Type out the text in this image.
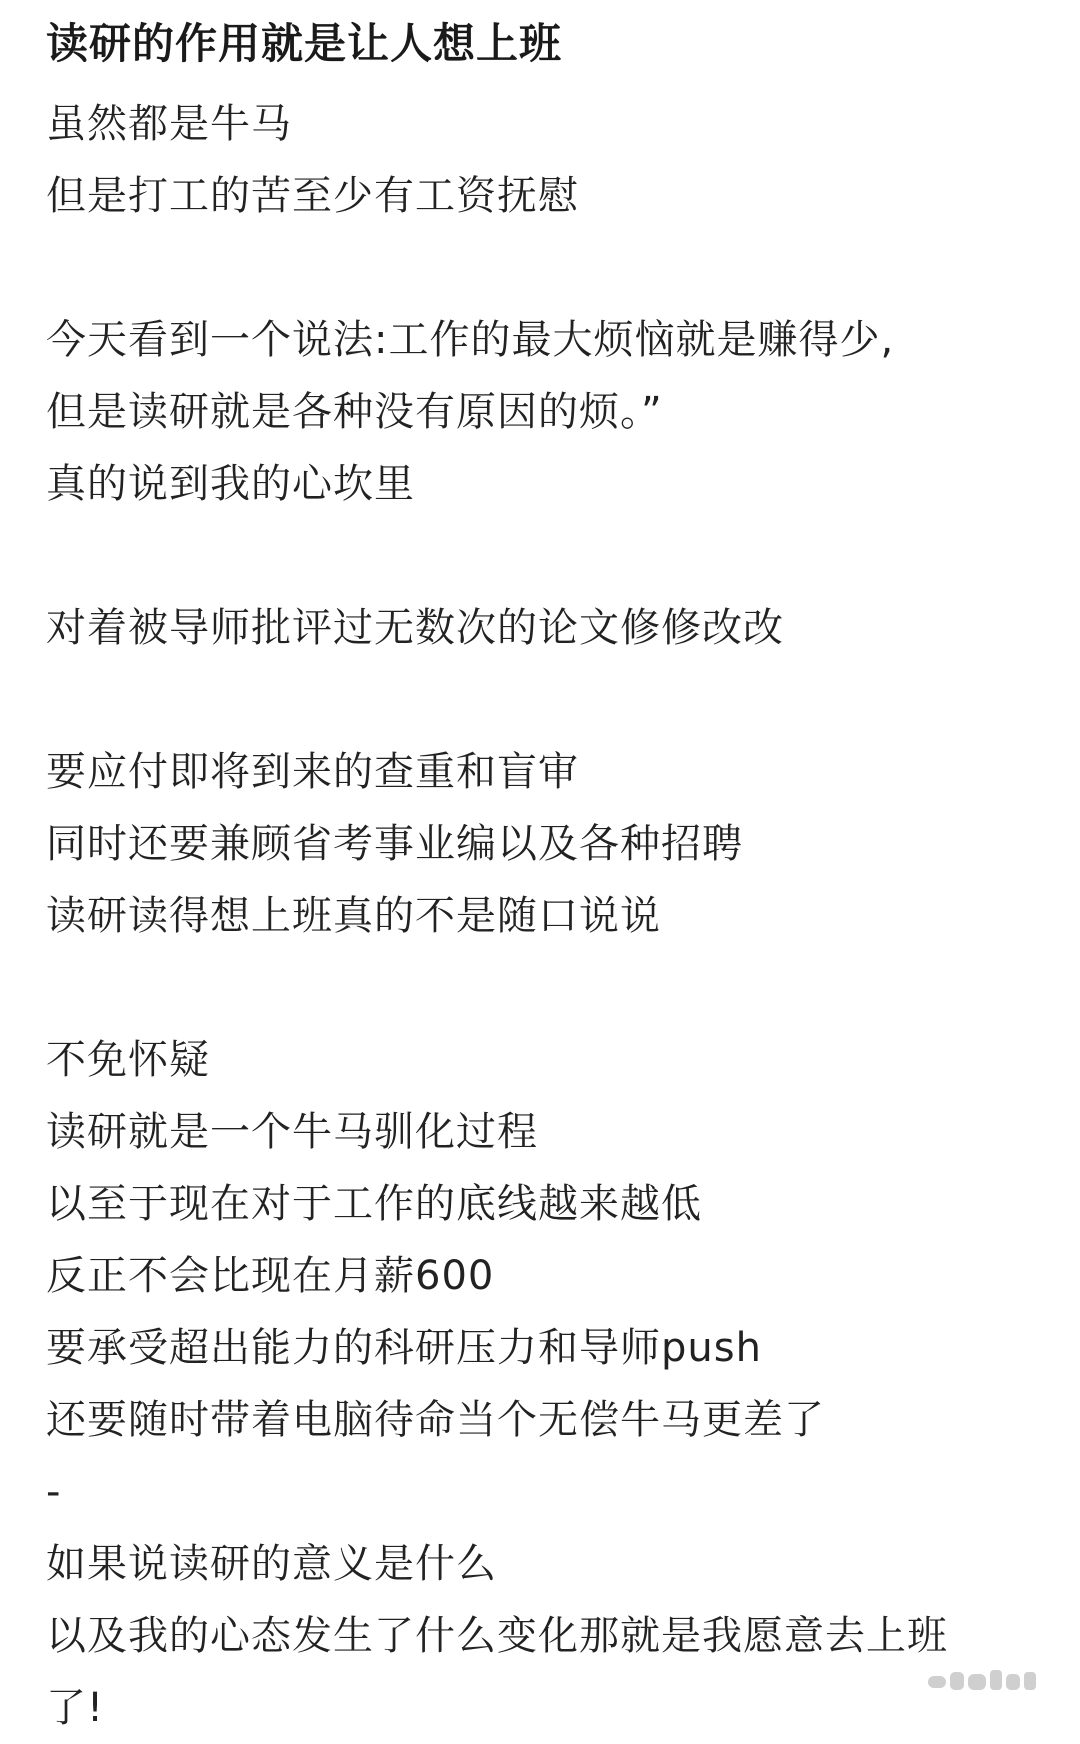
读研的作用就是让人想上班
虽然都是牛马
但是打工的苦至少有工资抚慰
今天看到一个说法:工作的最大烦恼就是赚得少,
但是读研就是各种没有原因的烦。”
真的说到我的心坎里
对着被导师批评过无数次的论文修修改改
要应付即将到来的查重和盲审
同时还要兼顾省考事业编以及各种招聘
读研读得想上班真的不是随口说说
不免怀疑
读研就是一个牛马驯化过程
以至于现在对于工作的底线越来越低
反正不会比现在月薪600
要承受超出能力的科研压力和导师push
还要随时带着电脑待命当个无偿牛马更差了
-
如果说读研的意义是什么
以及我的心态发生了什么变化那就是我愿意去上班
了!
